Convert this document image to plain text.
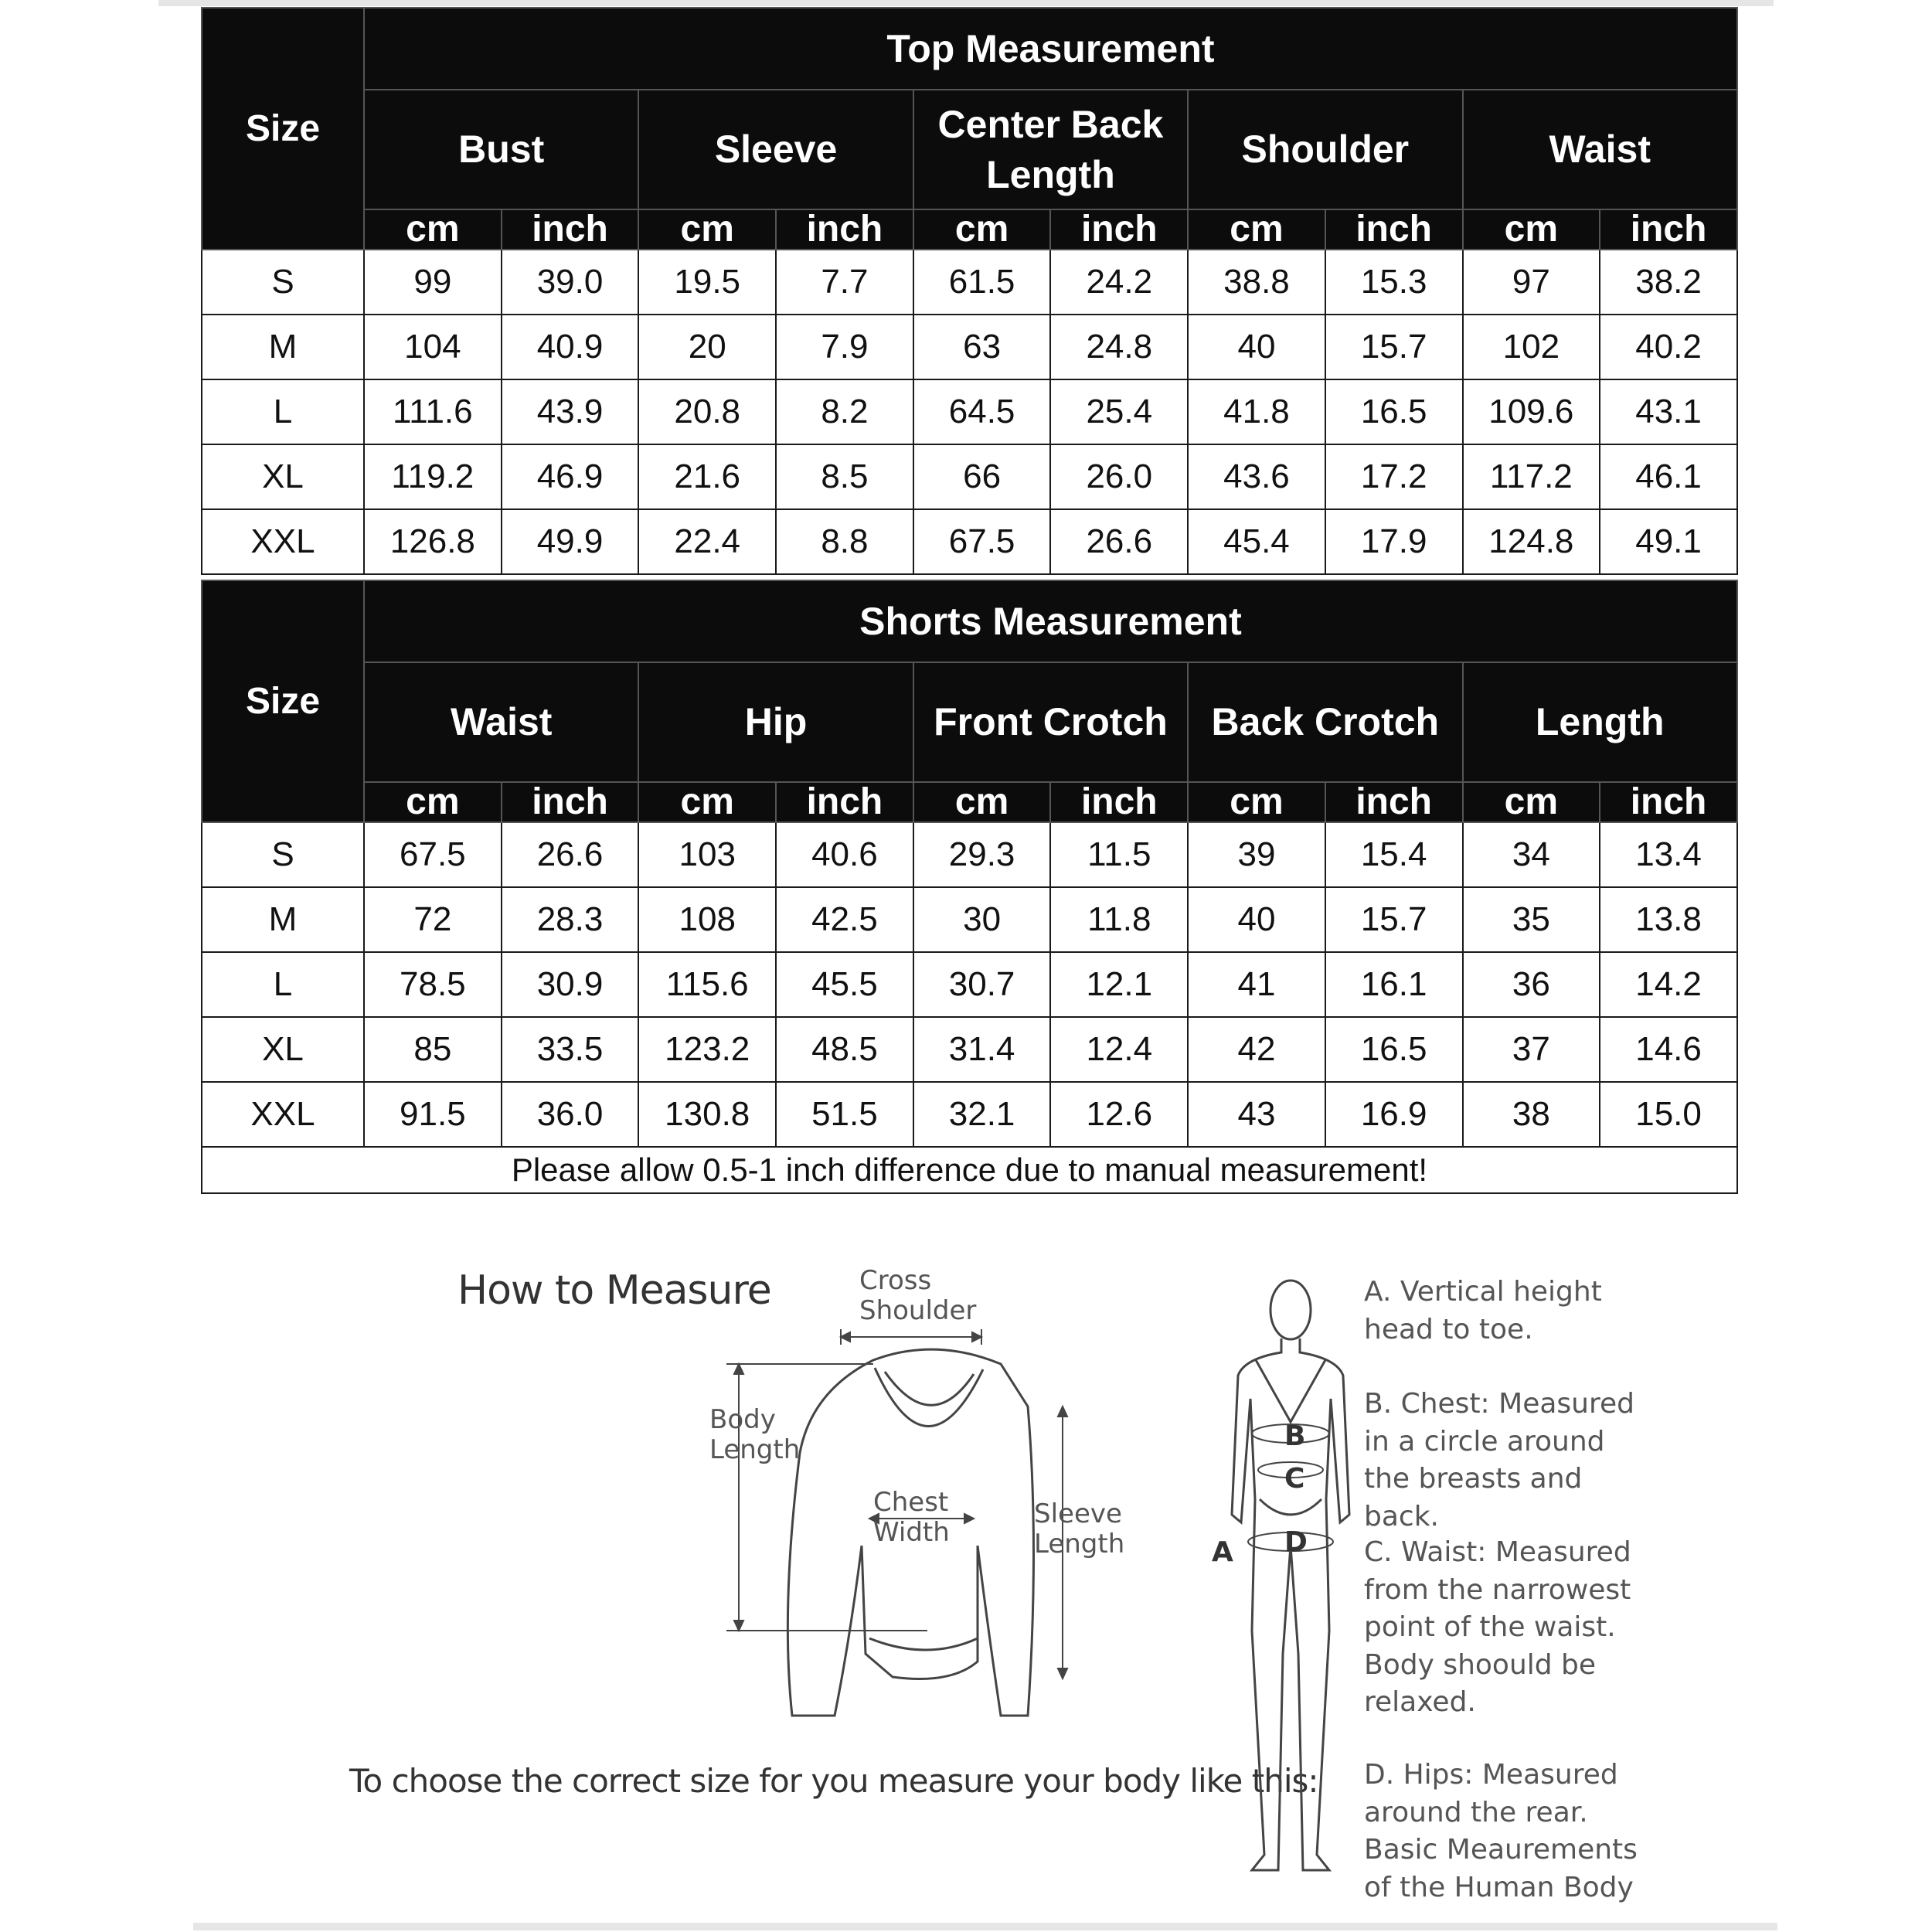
Size	Top Measurement									
	Bust		Sleeve		Center Back Length		Shoulder		Waist	
	cm	inch	cm	inch	cm	inch	cm	inch	cm	inch
S	99	39.0	19.5	7.7	61.5	24.2	38.8	15.3	97	38.2
M	104	40.9	20	7.9	63	24.8	40	15.7	102	40.2
L	111.6	43.9	20.8	8.2	64.5	25.4	41.8	16.5	109.6	43.1
XL	119.2	46.9	21.6	8.5	66	26.0	43.6	17.2	117.2	46.1
XXL	126.8	49.9	22.4	8.8	67.5	26.6	45.4	17.9	124.8	49.1
Size	Shorts Measurement									
	Waist		Hip		Front Crotch		Back Crotch		Length	
	cm	inch	cm	inch	cm	inch	cm	inch	cm	inch
S	67.5	26.6	103	40.6	29.3	11.5	39	15.4	34	13.4
M	72	28.3	108	42.5	30	11.8	40	15.7	35	13.8
L	78.5	30.9	115.6	45.5	30.7	12.1	41	16.1	36	14.2
XL	85	33.5	123.2	48.5	31.4	12.4	42	16.5	37	14.6
XXL	91.5	36.0	130.8	51.5	32.1	12.6	43	16.9	38	15.0
Please allow 0.5-1 inch difference due to manual measurement!										
How to Measure	Cross
Shoulder
Body
Length
Chest
Width
Sleeve
Length
To choose the correct size for you measure your body like this:
B
C
D
A
A. Vertical height head to toe.
B. Chest: Measured in a circle around the breasts and back.
C. Waist: Measured from the narrowest point of the waist. Body shoould be relaxed.
D. Hips: Measured around the rear. Basic Meaurements of the Human Body
